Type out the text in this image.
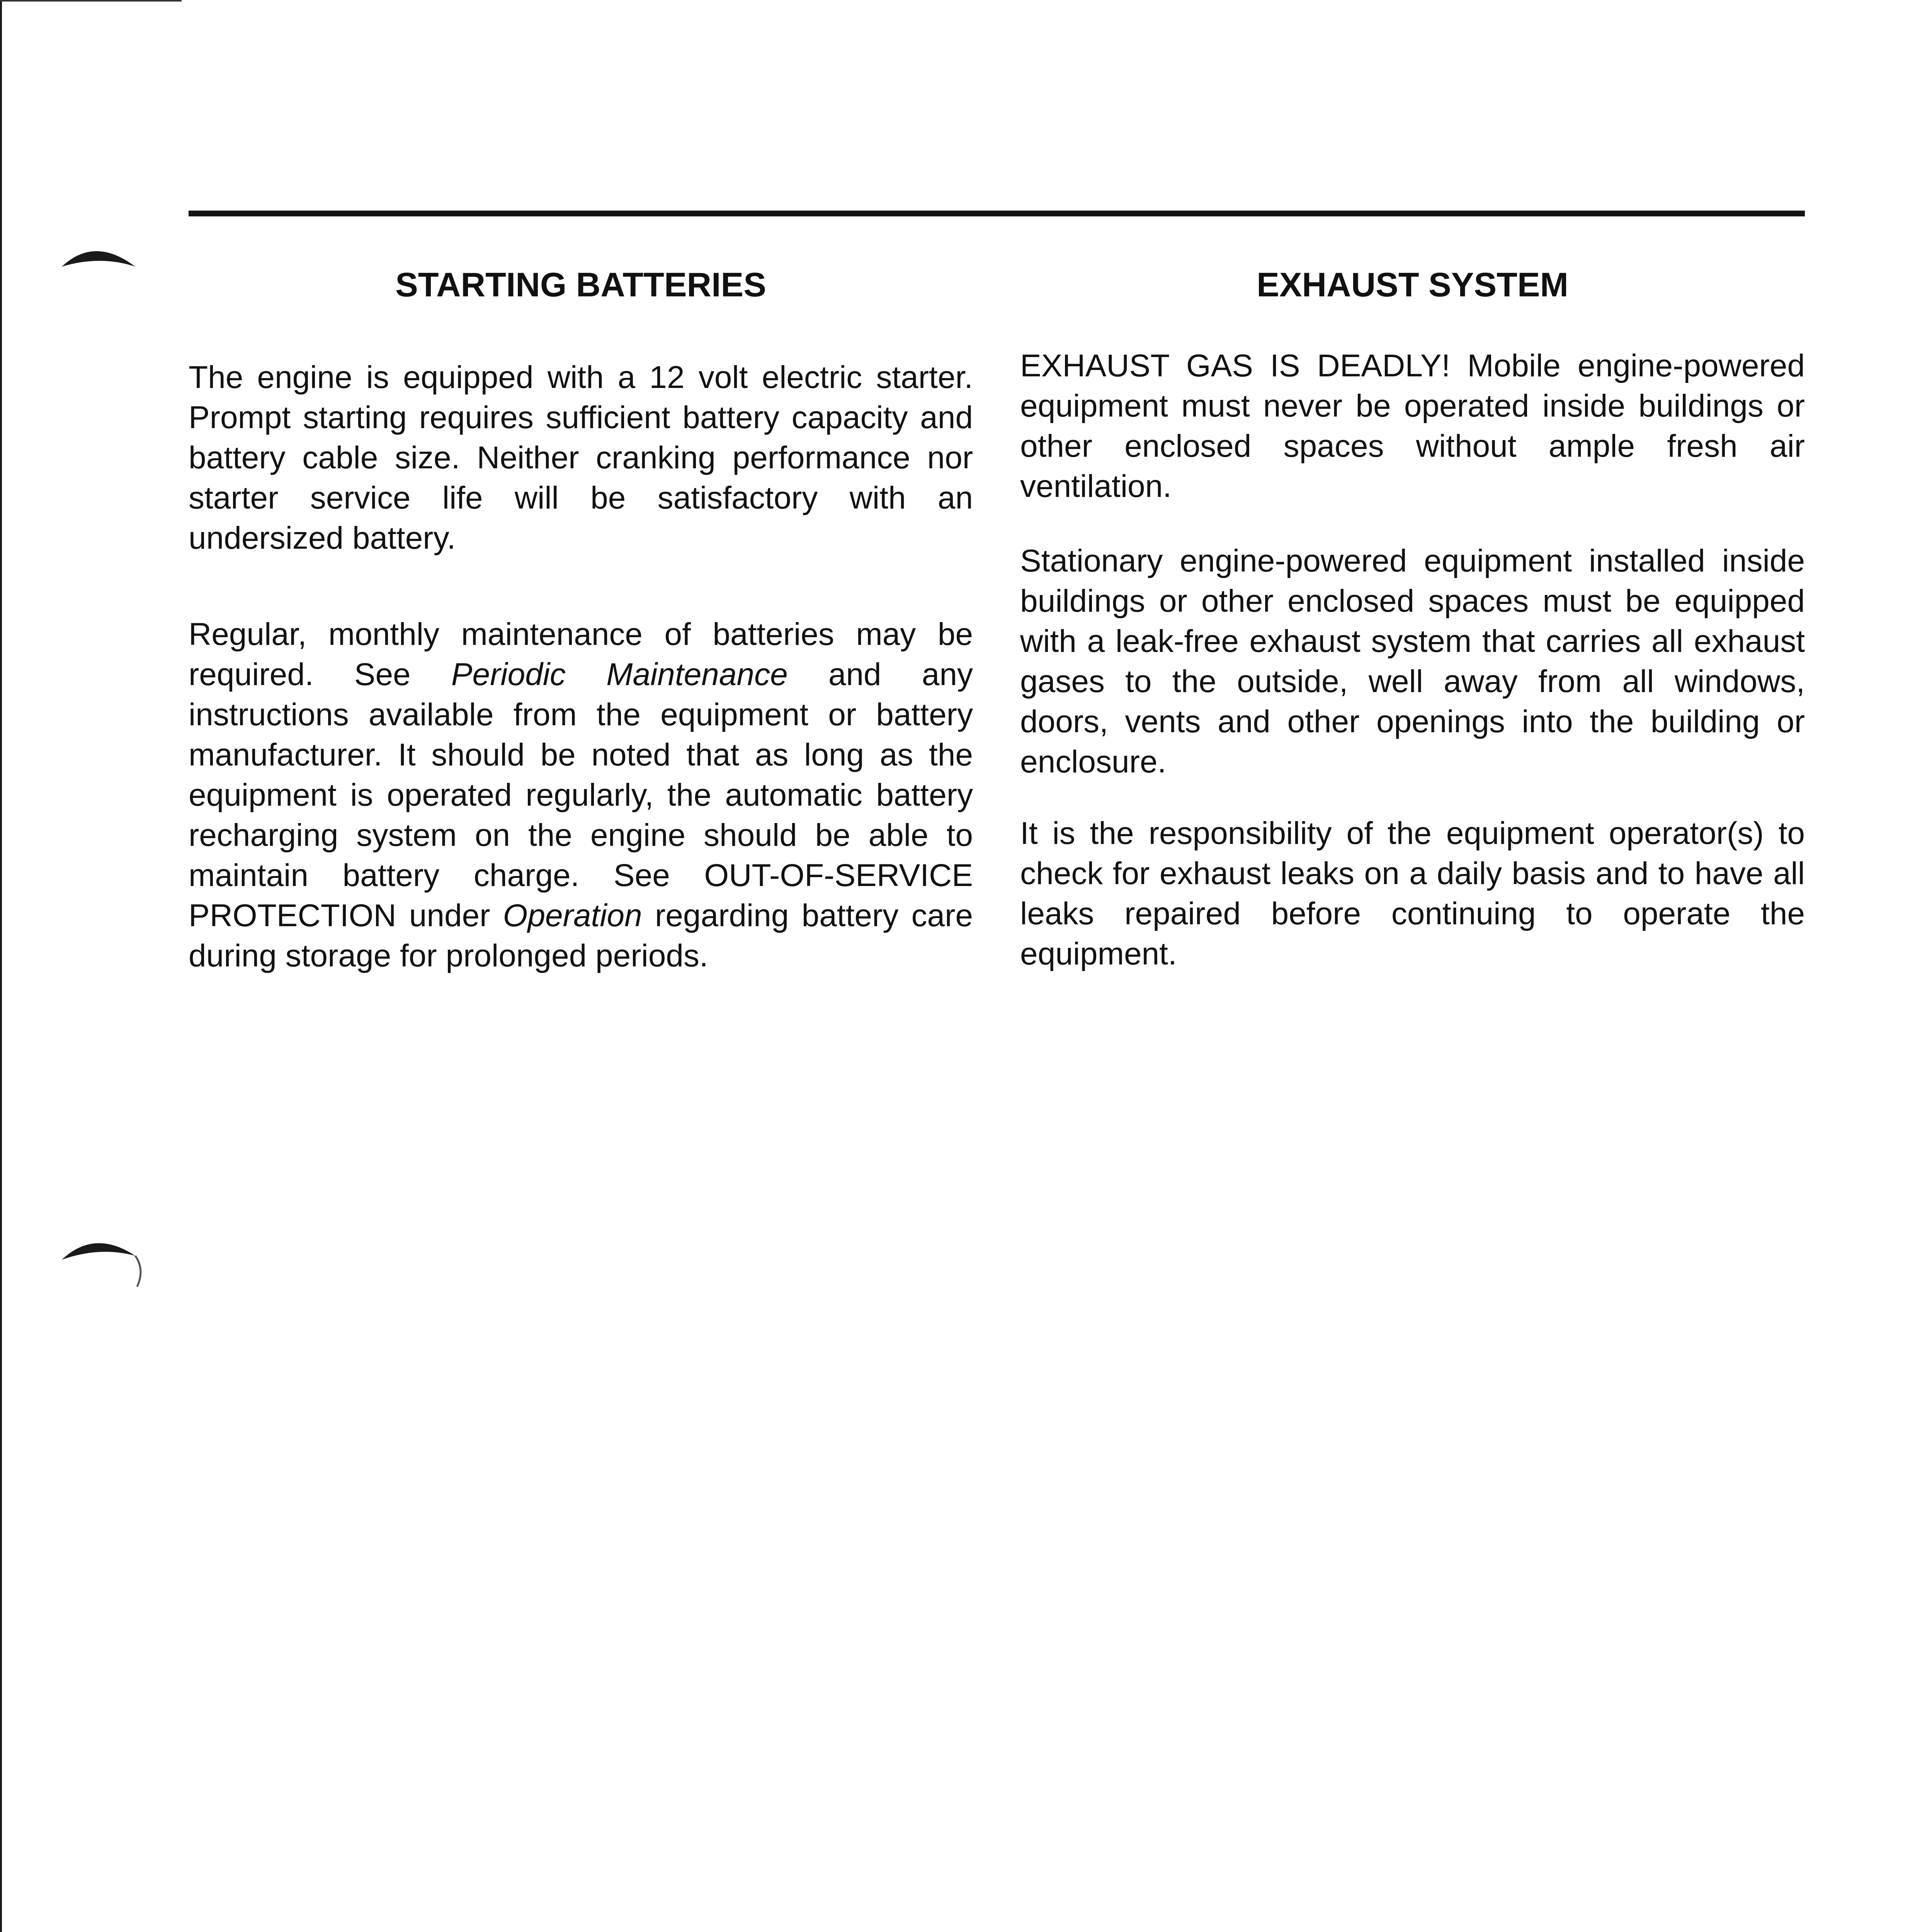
STARTING BATTERIES

The engine is equipped with a 12 volt electric starter. Prompt starting requires sufficient battery capacity and battery cable size. Neither cranking performance nor starter service life will be satisfactory with an undersized battery.

Regular, monthly maintenance of batteries may be required. See Periodic Maintenance and any instructions available from the equipment or battery manufacturer. It should be noted that as long as the equipment is operated regularly, the automatic battery recharging system on the engine should be able to maintain battery charge. See OUT-OF-SERVICE PROTECTION under Operation regarding battery care during storage for prolonged periods.

EXHAUST SYSTEM

EXHAUST GAS IS DEADLY! Mobile engine-powered equipment must never be operated inside buildings or other enclosed spaces without ample fresh air ventilation.

Stationary engine-powered equipment installed inside buildings or other enclosed spaces must be equipped with a leak-free exhaust system that carries all exhaust gases to the outside, well away from all windows, doors, vents and other openings into the building or enclosure.

It is the responsibility of the equipment operator(s) to check for exhaust leaks on a daily basis and to have all leaks repaired before continuing to operate the equipment.
